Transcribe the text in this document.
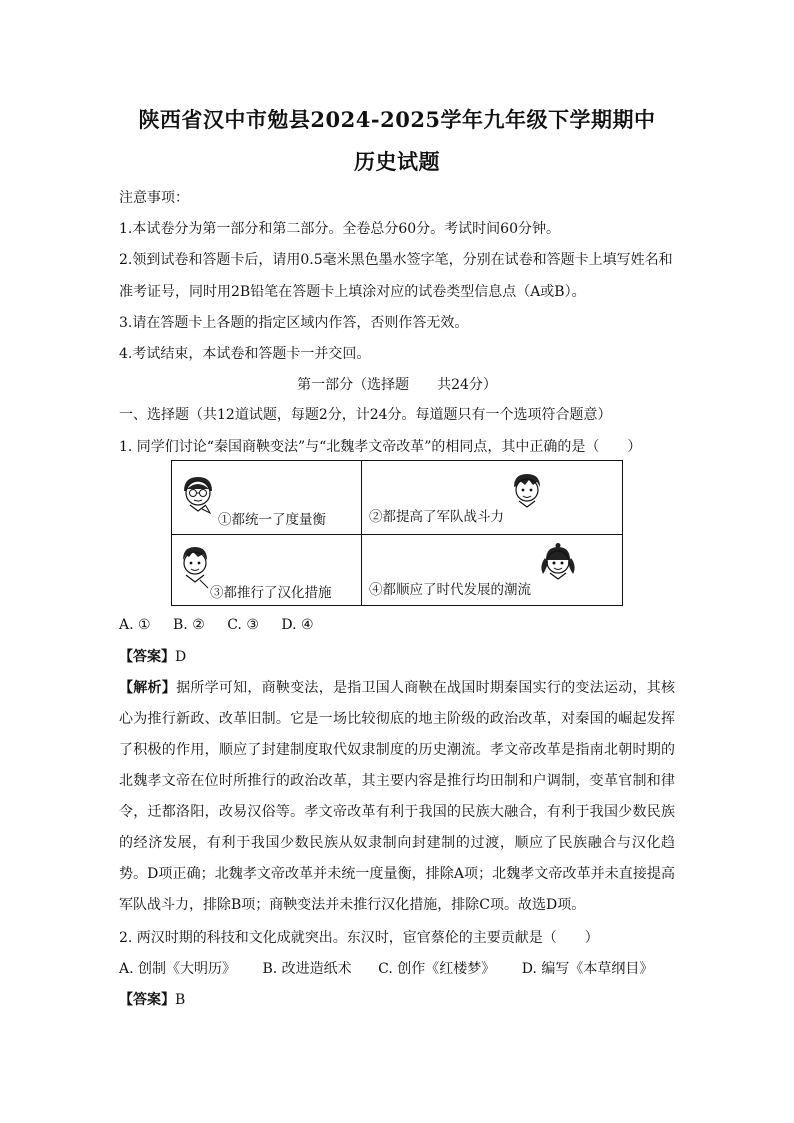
陕西省汉中市勉县2024-2025学年九年级下学期期中
历史试题
注意事项：
1.本试卷分为第一部分和第二部分。全卷总分60分。考试时间60分钟。
2.领到试卷和答题卡后，请用0.5毫米黑色墨水签字笔，分别在试卷和答题卡上填写姓名和
准考证号，同时用2B铅笔在答题卡上填涂对应的试卷类型信息点（A或B）。
3.请在答题卡上各题的指定区域内作答，否则作答无效。
4.考试结束，本试卷和答题卡一并交回。
第一部分（选择题　　共24分）
一、选择题（共12道试题，每题2分，计24分。每道题只有一个选项符合题意）
1. 同学们讨论“秦国商鞅变法”与“北魏孝文帝改革”的相同点，其中正确的是（　　）
①都统一了度量衡	②都提高了军队战斗力
③都推行了汉化措施	④都顺应了时代发展的潮流
A. ① B. ② C. ③ D. ④
【答案】D
【解析】据所学可知，商鞅变法，是指卫国人商鞅在战国时期秦国实行的变法运动，其核心为推行新政、改革旧制。它是一场比较彻底的地主阶级的政治改革，对秦国的崛起发挥了积极的作用，顺应了封建制度取代奴隶制度的历史潮流。孝文帝改革是指南北朝时期的北魏孝文帝在位时所推行的政治改革，其主要内容是推行均田制和户调制，变革官制和律令，迁都洛阳，改易汉俗等。孝文帝改革有利于我国的民族大融合，有利于我国少数民族的经济发展，有利于我国少数民族从奴隶制向封建制的过渡，顺应了民族融合与汉化趋势。D项正确；北魏孝文帝改革并未统一度量衡，排除A项；北魏孝文帝改革并未直接提高军队战斗力，排除B项；商鞅变法并未推行汉化措施，排除C项。故选D项。
2. 两汉时期的科技和文化成就突出。东汉时，宦官蔡伦的主要贡献是（　　）
A. 创制《大明历》 B. 改进造纸术 C. 创作《红楼梦》 D. 编写《本草纲目》
【答案】B
